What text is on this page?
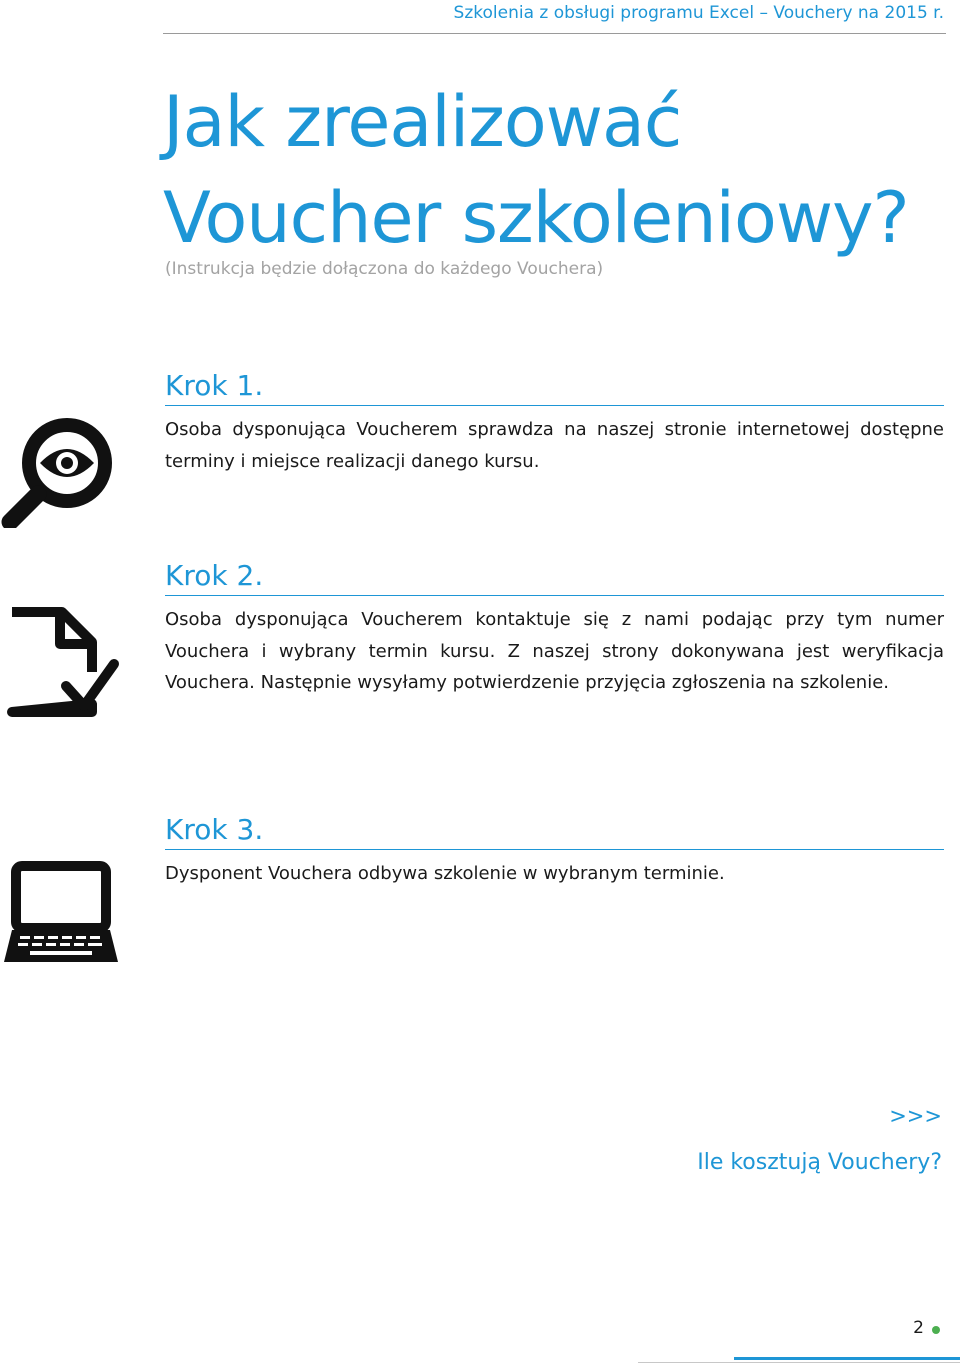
Szkolenia z obsługi programu Excel – Vouchery na 2015 r.
Jak zrealizować
Voucher szkoleniowy?
(Instrukcja będzie dołączona do każdego Vouchera)
Krok 1.

Osoba dysponująca Voucherem sprawdza na naszej stronie internetowej dostępne terminy i miejsce realizacji danego kursu.

Krok 2.

Osoba dysponująca Voucherem kontaktuje się z nami podając przy tym numer Vouchera i wybrany termin kursu. Z naszej strony dokonywana jest weryfikacja Vouchera. Następnie wysyłamy potwierdzenie przyjęcia zgłoszenia na szkolenie.

Krok 3.

Dysponent Vouchera odbywa szkolenie w wybranym terminie.

>>>
Ile kosztują Vouchery?
2
